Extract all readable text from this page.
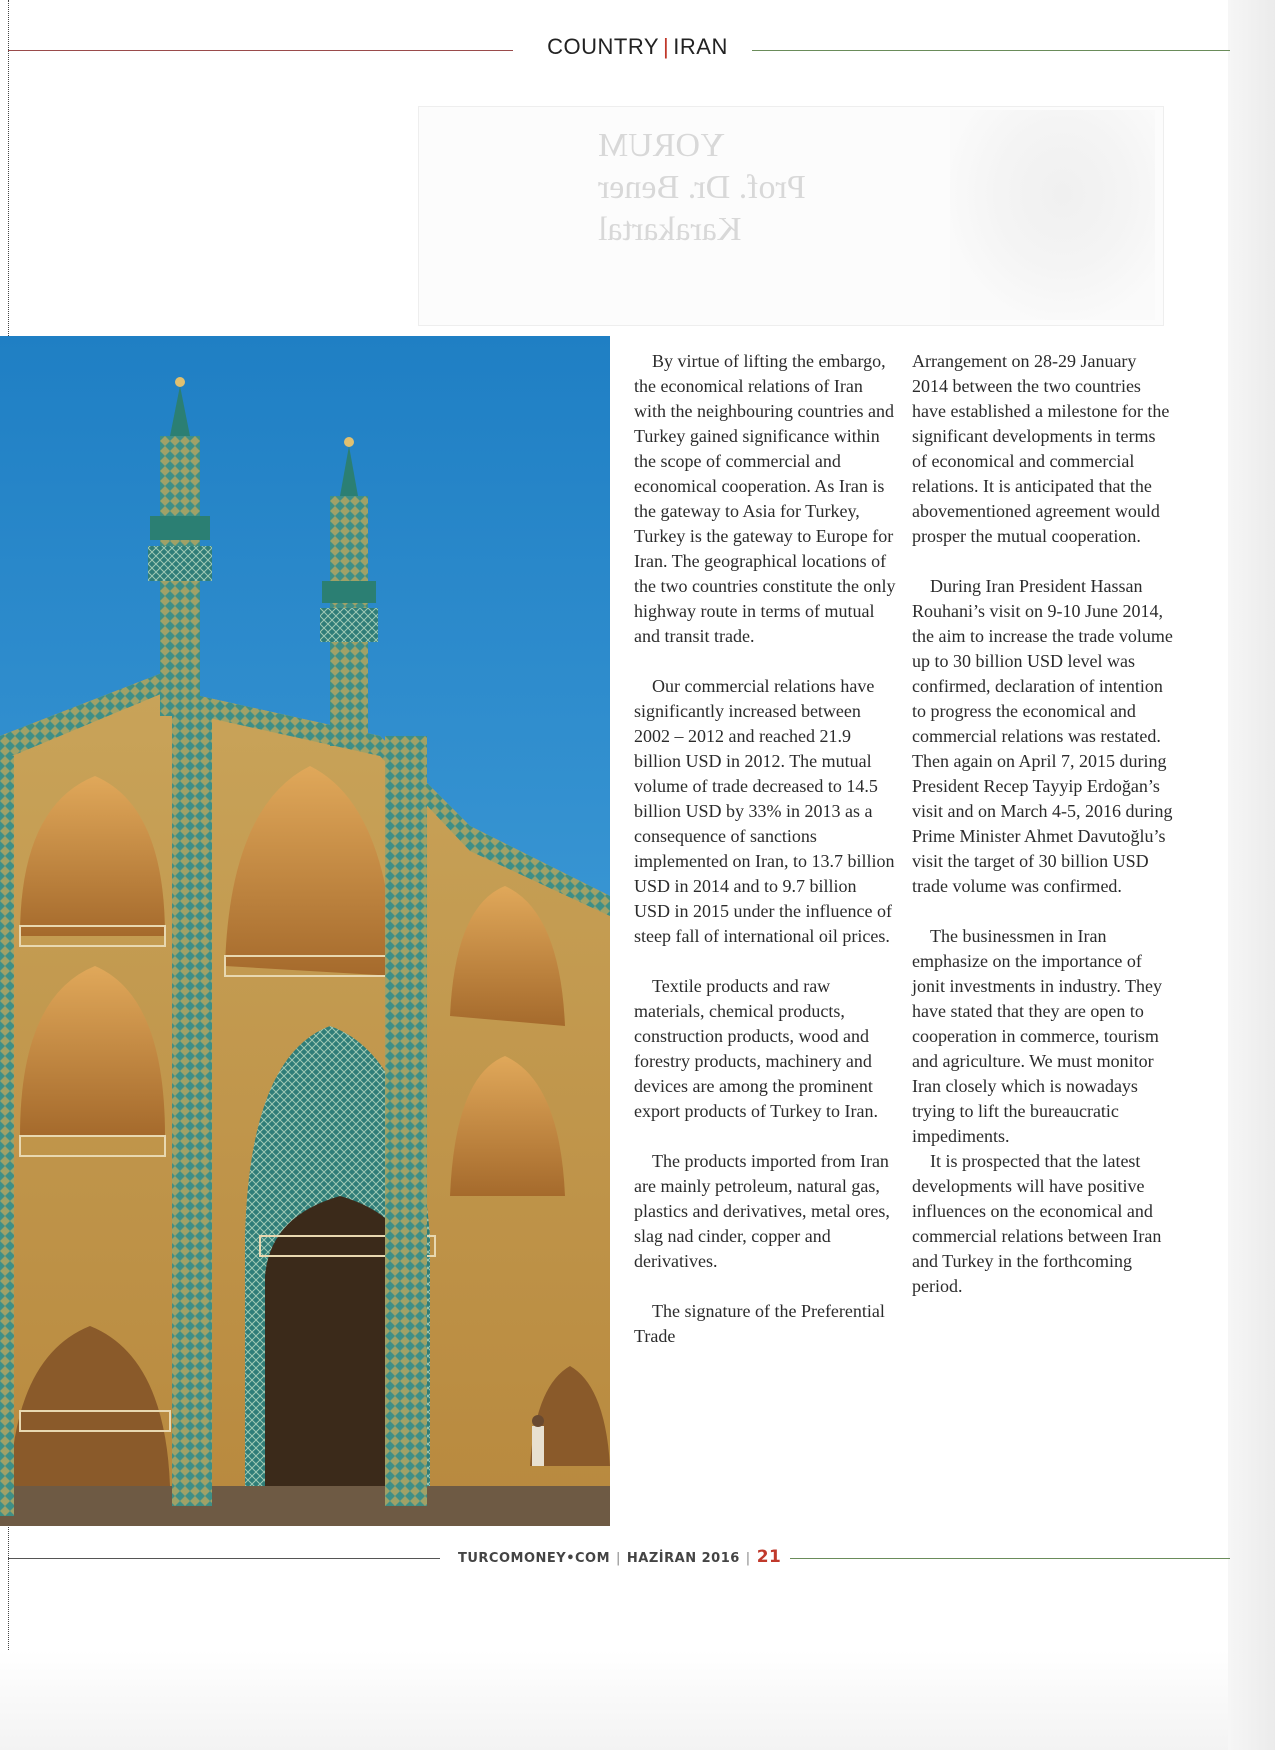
COUNTRY | IRAN
YORUM
Prof. Dr. Bener
Karakartal

By virtue of lifting the embargo, the economical relations of Iran with the neighbouring countries and Turkey gained significance within the scope of commercial and economical cooperation. As Iran is the gateway to Asia for Turkey, Turkey is the gateway to Europe for Iran. The geographical locations of the two countries constitute the only highway route in terms of mutual and transit trade.

Our commercial relations have significantly increased between 2002 – 2012 and reached 21.9 billion USD in 2012. The mutual volume of trade decreased to 14.5 billion USD by 33% in 2013 as a consequence of sanctions implemented on Iran, to 13.7 billion USD in 2014 and to 9.7 billion USD in 2015 under the influence of steep fall of international oil prices.

Textile products and raw materials, chemical products, construction products, wood and forestry products, machinery and devices are among the prominent export products of Turkey to Iran.

The products imported from Iran are mainly petroleum, natural gas, plastics and derivatives, metal ores, slag nad cinder, copper and derivatives.

The signature of the Preferential Trade

Arrangement on 28-29 January 2014 between the two countries have established a milestone for the significant developments in terms of economical and commercial relations. It is anticipated that the abovementioned agreement would prosper the mutual cooperation.

During Iran President Hassan Rouhani’s visit on 9-10 June 2014, the aim to increase the trade volume up to 30 billion USD level was confirmed, declaration of intention to progress the economical and commercial relations was restated. Then again on April 7, 2015 during President Recep Tayyip Erdoğan’s visit and on March 4-5, 2016 during Prime Minister Ahmet Davutoğlu’s visit the target of 30 billion USD trade volume was confirmed.

The businessmen in Iran emphasize on the importance of jonit investments in industry. They have stated that they are open to cooperation in commerce, tourism and agriculture. We must monitor Iran closely which is nowadays trying to lift the bureaucratic impediments.

It is prospected that the latest developments will have positive influences on the economical and commercial relations between Iran and Turkey in the forthcoming period.

TURCOMONEY•COM | HAZİRAN 2016 | 21
